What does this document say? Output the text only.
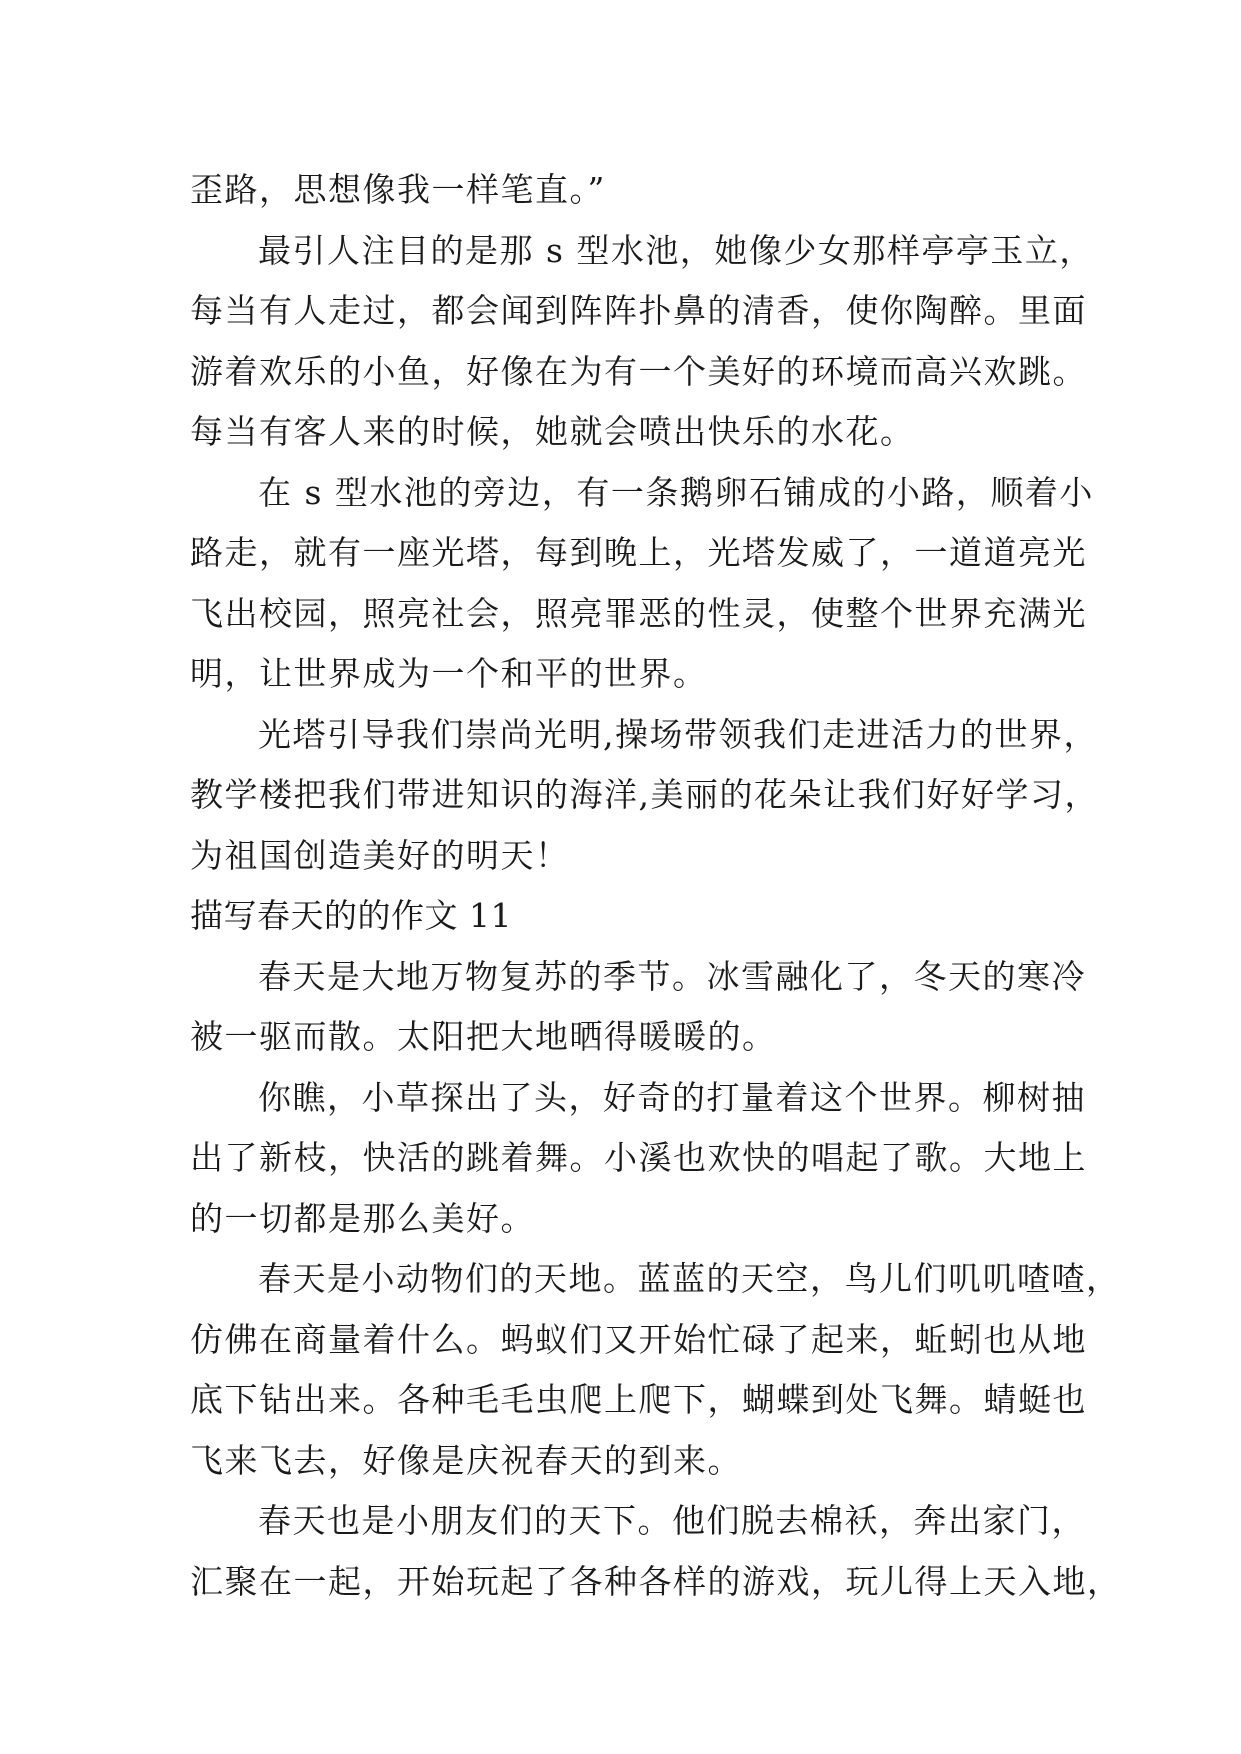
歪路，思想像我一样笔直。”
最引人注目的是那 s 型水池，她像少女那样亭亭玉立，
每当有人走过，都会闻到阵阵扑鼻的清香，使你陶醉。里面
游着欢乐的小鱼，好像在为有一个美好的环境而高兴欢跳。
每当有客人来的时候，她就会喷出快乐的水花。
在 s 型水池的旁边，有一条鹅卵石铺成的小路，顺着小
路走，就有一座光塔，每到晚上，光塔发威了，一道道亮光
飞出校园，照亮社会，照亮罪恶的性灵，使整个世界充满光
明，让世界成为一个和平的世界。
光塔引导我们崇尚光明,操场带领我们走进活力的世界，
教学楼把我们带进知识的海洋,美丽的花朵让我们好好学习，
为祖国创造美好的明天！
描写春天的的作文 11
春天是大地万物复苏的季节。冰雪融化了，冬天的寒冷
被一驱而散。太阳把大地晒得暖暖的。
你瞧，小草探出了头，好奇的打量着这个世界。柳树抽
出了新枝，快活的跳着舞。小溪也欢快的唱起了歌。大地上
的一切都是那么美好。
春天是小动物们的天地。蓝蓝的天空，鸟儿们叽叽喳喳，
仿佛在商量着什么。蚂蚁们又开始忙碌了起来，蚯蚓也从地
底下钻出来。各种毛毛虫爬上爬下，蝴蝶到处飞舞。蜻蜓也
飞来飞去，好像是庆祝春天的到来。
春天也是小朋友们的天下。他们脱去棉袄，奔出家门，
汇聚在一起，开始玩起了各种各样的游戏，玩儿得上天入地，
